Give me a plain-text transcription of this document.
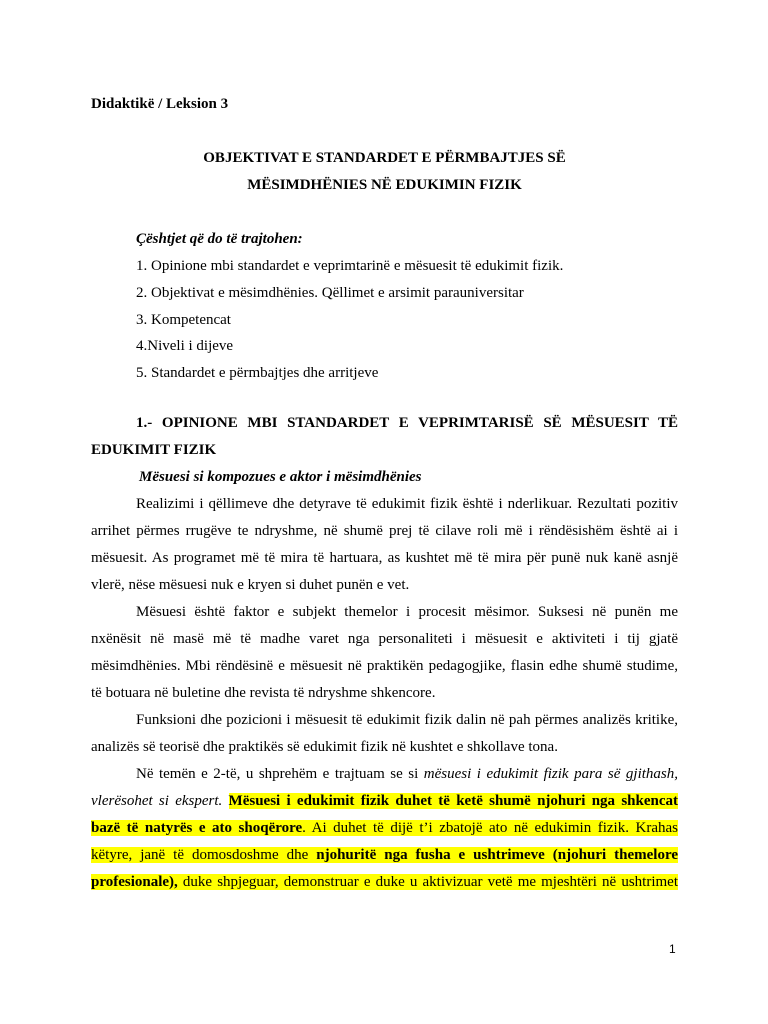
Didaktikë / Leksion 3
OBJEKTIVAT E STANDARDET E PËRMBAJTJES SË
MËSIMDHËNIES NË EDUKIMIN FIZIK
Çështjet që do të trajtohen:
1. Opinione mbi standardet e veprimtarinë e mësuesit të edukimit fizik.
2. Objektivat e mësimdhënies. Qëllimet e arsimit parauniversitar
3. Kompetencat
4.Niveli i dijeve
5. Standardet e përmbajtjes dhe arritjeve
1.- OPINIONE MBI STANDARDET E VEPRIMTARISË SË MËSUESIT TË
EDUKIMIT FIZIK
Mësuesi si kompozues e aktor i mësimdhënies
Realizimi i qëllimeve dhe detyrave të edukimit fizik është i nderlikuar. Rezultati pozitiv
arrihet përmes rrugëve te ndryshme, në shumë prej të cilave roli më i rëndësishëm është ai i
mësuesit. As programet më të mira të hartuara, as kushtet më të mira për punë nuk kanë asnjë
vlerë, nëse mësuesi nuk e kryen si duhet punën e vet.
Mësuesi është faktor e subjekt themelor i procesit mësimor. Suksesi në punën me
nxënësit në masë më të madhe varet nga personaliteti i mësuesit e aktiviteti i tij gjatë
mësimdhënies. Mbi rëndësinë e mësuesit në praktikën pedagogjike, flasin edhe shumë studime,
të botuara në buletine dhe revista të ndryshme shkencore.
Funksioni dhe pozicioni i mësuesit të edukimit fizik dalin në pah përmes analizës kritike,
analizës së teorisë dhe praktikës së edukimit fizik në kushtet e shkollave tona.
Në temën e 2-të, u shprehëm e trajtuam se si mësuesi i edukimit fizik para së gjithash,
vlerësohet si ekspert. Mësuesi i edukimit fizik duhet të ketë shumë njohuri nga shkencat
bazë të natyrës e ato shoqërore. Ai duhet të dijë t’i zbatojë ato në edukimin fizik. Krahas
këtyre, janë të domosdoshme dhe njohuritë nga fusha e ushtrimeve (njohuri themelore
profesionale), duke shpjeguar, demonstruar e duke u aktivizuar vetë me mjeshtëri në ushtrimet
1
